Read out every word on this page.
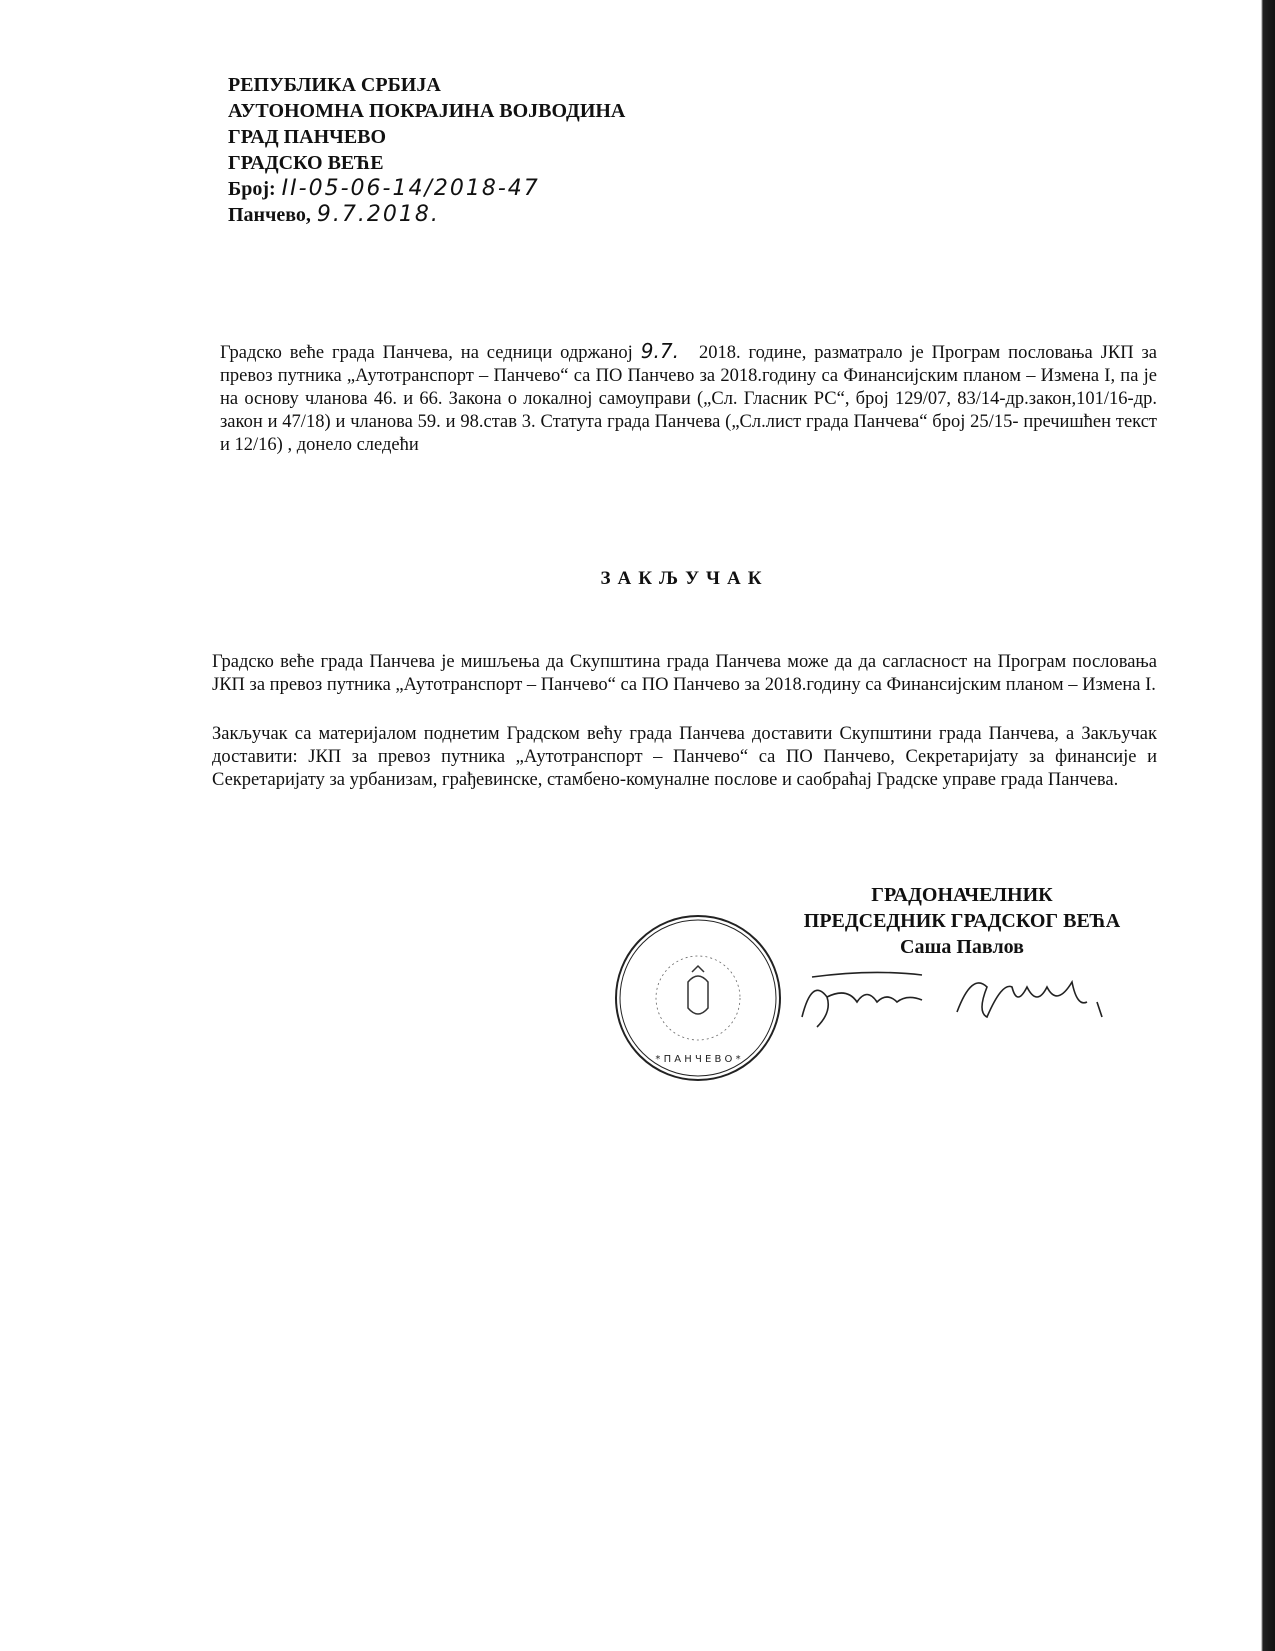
РЕПУБЛИКА СРБИЈА
АУТОНОМНА ПОКРАЈИНА ВОЈВОДИНА
ГРАД ПАНЧЕВО
ГРАДСКО ВЕЋЕ
Број: II-05-06-14/2018-47
Панчево, 9.7.2018.

Градско веће града Панчева, на седници одржаној 9.7. 2018. године, разматрало је Програм пословања ЈКП за превоз путника „Аутотранспорт – Панчево“ са ПО Панчево за 2018.годину са Финансијским планом – Измена I, па је на основу чланова 46. и 66. Закона о локалној самоуправи („Сл. Гласник РС“, број 129/07, 83/14-др.закон,101/16-др. закон и 47/18) и чланова 59. и 98.став 3. Статута града Панчева („Сл.лист града Панчева“ број 25/15- пречишћен текст и 12/16) , донело следећи

ЗАКЉУЧАК

Градско веће града Панчева је мишљења да Скупштина града Панчева може да да сагласност на Програм пословања ЈКП за превоз путника „Аутотранспорт – Панчево“ са ПО Панчево за 2018.годину са Финансијским планом – Измена I.

Закључак са материјалом поднетим Градском већу града Панчева доставити Скупштини града Панчева, а Закључак доставити: ЈКП за превоз путника „Аутотранспорт – Панчево“ са ПО Панчево, Секретаријату за финансије и Секретаријату за урбанизам, грађевинске, стамбено-комуналне послове и саобраћај Градске управе града Панчева.

* П А Н Ч Е В О *
ГРАДОНАЧЕЛНИК
ПРЕДСЕДНИК ГРАДСКОГ ВЕЋА
Саша Павлов
